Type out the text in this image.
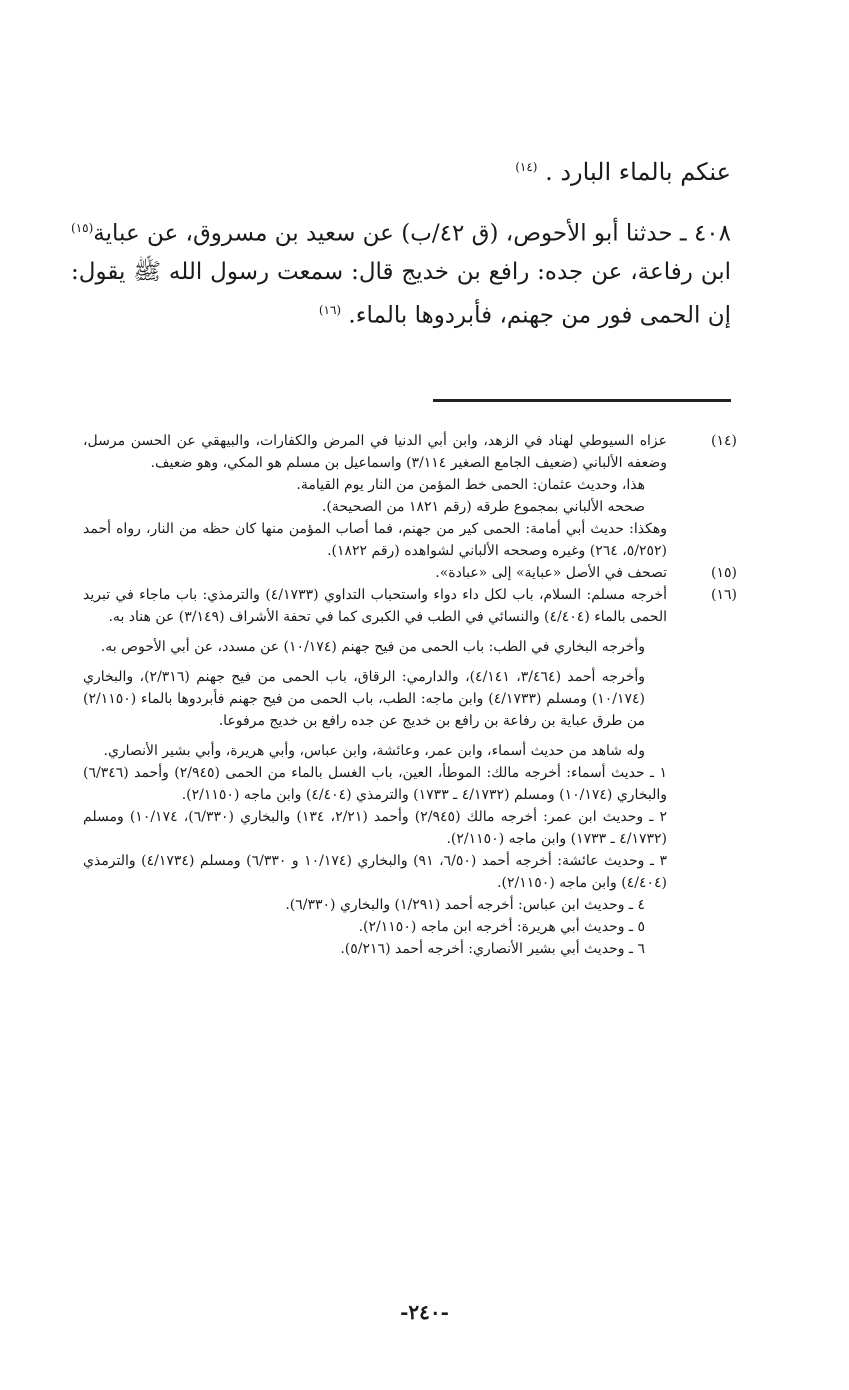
عنكم بالماء البارد . $^{(١٤)}$

٤٠٨ ـ حدثنا أبو الأحوص، (ق ٤٢/ب) عن سعيد بن مسروق، عن عباية$^{(١٥)}$ ابن رفاعة، عن جده: رافع بن خديج قال: سمعت رسول الله ﷺ يقول: إن الحمى فور من جهنم، فأبردوها بالماء. $^{(١٦)}$

(١٤)

عزاه السيوطي لهناد في الزهد، وابن أبي الدنيا في المرض والكفارات، والبيهقي عن الحسن مرسل، وضعفه الألباني (ضعيف الجامع الصغير ٣/١١٤) واسماعيل بن مسلم هو المكي، وهو ضعيف.

هذا، وحديث عثمان: الحمى خط المؤمن من النار يوم القيامة.

صححه الألباني بمجموع طرقه (رقم ١٨٢١ من الصحيحة).

وهكذا: حديث أبي أمامة: الحمى كير من جهنم، فما أصاب المؤمن منها كان حظه من النار، رواه أحمد (٥/٢٥٢، ٢٦٤) وغيره وصححه الألباني لشواهده (رقم ١٨٢٢).

(١٥)

تصحف في الأصل «عباية» إلى «عبادة».

(١٦)

أخرجه مسلم: السلام، باب لكل داء دواء واستحباب التداوي (٤/١٧٣٣) والترمذي: باب ماجاء في تبريد الحمى بالماء (٤/٤٠٤) والنسائي في الطب في الكبرى كما في تحفة الأشراف (٣/١٤٩) عن هناد به.

وأخرجه البخاري في الطب: باب الحمى من فيح جهنم (١٠/١٧٤) عن مسدد، عن أبي الأحوص به.

وأخرجه أحمد (٣/٤٦٤، ٤/١٤١)، والدارمي: الرقاق، باب الحمى من فيح جهنم (٢/٣١٦)، والبخاري (١٠/١٧٤) ومسلم (٤/١٧٣٣) وابن ماجه: الطب، باب الحمى من فيح جهنم فأبردوها بالماء (٢/١١٥٠) من طرق عباية بن رفاعة بن رافع بن خديج عن جده رافع بن خديج مرفوعا.

وله شاهد من حديث أسماء، وابن عمر، وعائشة، وابن عباس، وأبي هريرة، وأبي بشير الأنصاري.

١ ـ حديث أسماء: أخرجه مالك: الموطأ، العين، باب الغسل بالماء من الحمى (٢/٩٤٥) وأحمد (٦/٣٤٦) والبخاري (١٠/١٧٤) ومسلم (٤/١٧٣٢ ـ ١٧٣٣) والترمذي (٤/٤٠٤) وابن ماجه (٢/١١٥٠).

٢ ـ وحديث ابن عمر: أخرجه مالك (٢/٩٤٥) وأحمد (٢/٢١، ١٣٤) والبخاري (٦/٣٣٠)، ١٠/١٧٤) ومسلم (٤/١٧٣٢ ـ ١٧٣٣) وابن ماجه (٢/١١٥٠).

٣ ـ وحديث عائشة: أخرجه أحمد (٦/٥٠، ٩١) والبخاري (١٠/١٧٤ و ٦/٣٣٠) ومسلم (٤/١٧٣٤) والترمذي (٤/٤٠٤) وابن ماجه (٢/١١٥٠).

٤ ـ وحديث ابن عباس: أخرجه أحمد (١/٢٩١) والبخاري (٦/٣٣٠).

٥ ـ وحديث أبي هريرة: أخرجه ابن ماجه (٢/١١٥٠).

٦ ـ وحديث أبي بشير الأنصاري: أخرجه أحمد (٥/٢١٦).

-٢٤٠-
